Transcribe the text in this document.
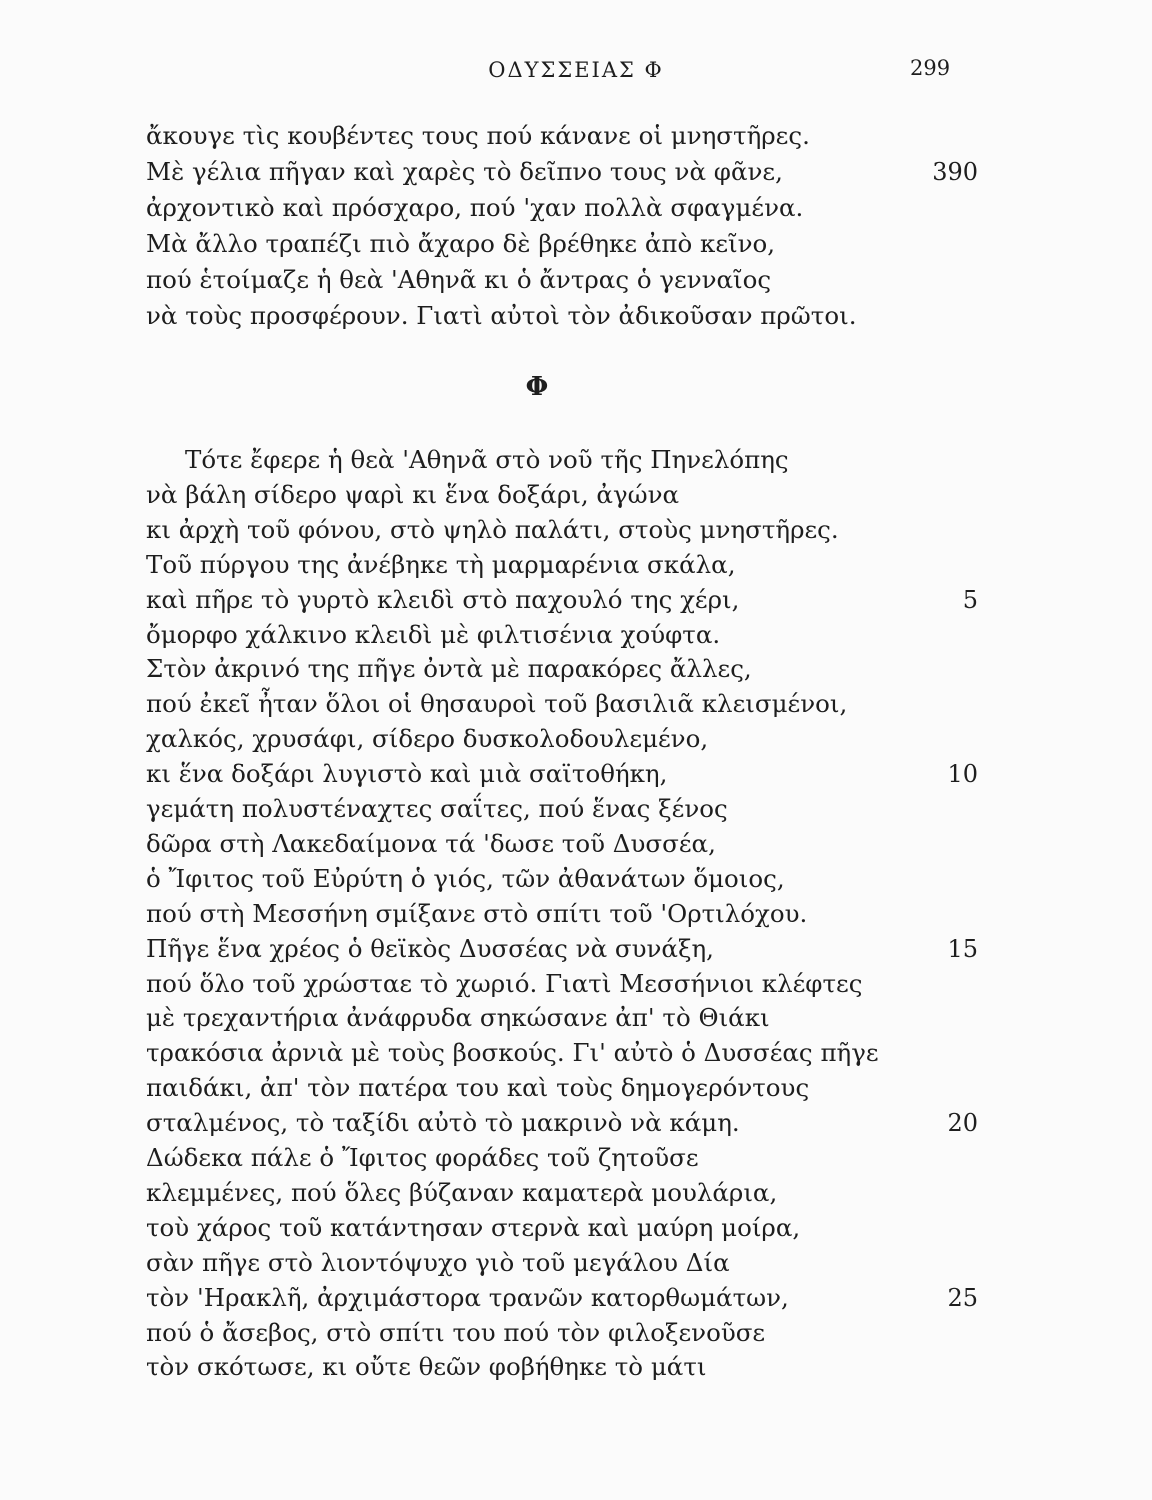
ΟΔΥΣΣΕΙΑΣ Φ	299
ἄκουγε τὶς κουβέντες τους πού κάνανε οἱ μνηστῆρες.
Μὲ γέλια πῆγαν καὶ χαρὲς τὸ δεῖπνο τους νὰ φᾶνε,
ἀρχοντικὸ καὶ πρόσχαρο, πού 'χαν πολλὰ σφαγμένα.
Μὰ ἄλλο τραπέζι πιὸ ἄχαρο δὲ βρέθηκε ἀπὸ κεῖνο,
πού ἑτοίμαζε ἡ θεὰ 'Αθηνᾶ κι ὁ ἄντρας ὁ γενναῖος
νὰ τοὺς προσφέρουν. Γιατὶ αὐτοὶ τὸν ἀδικοῦσαν πρῶτοι.
390
Φ
Τότε ἔφερε ἡ θεὰ 'Αθηνᾶ στὸ νοῦ τῆς Πηνελόπης
νὰ βάλη σίδερο ψαρὶ κι ἕνα δοξάρι, ἀγώνα
κι ἀρχὴ τοῦ φόνου, στὸ ψηλὸ παλάτι, στοὺς μνηστῆρες.
Τοῦ πύργου της ἀνέβηκε τὴ μαρμαρένια σκάλα,
καὶ πῆρε τὸ γυρτὸ κλειδὶ στὸ παχουλό της χέρι,
ὄμορφο χάλκινο κλειδὶ μὲ φιλτισένια χούφτα.
Στὸν ἀκρινό της πῆγε ὀντὰ μὲ παρακόρες ἄλλες,
πού ἐκεῖ ἦταν ὅλοι οἱ θησαυροὶ τοῦ βασιλιᾶ κλεισμένοι,
χαλκός, χρυσάφι, σίδερο δυσκολοδουλεμένο,
κι ἕνα δοξάρι λυγιστὸ καὶ μιὰ σαϊτοθήκη,
γεμάτη πολυστέναχτες σαΐτες, πού ἕνας ξένος
δῶρα στὴ Λακεδαίμονα τά 'δωσε τοῦ Δυσσέα,
ὁ Ἴφιτος τοῦ Εὐρύτη ὁ γιός, τῶν ἀθανάτων ὅμοιος,
πού στὴ Μεσσήνη σμίξανε στὸ σπίτι τοῦ 'Ορτιλόχου.
Πῆγε ἕνα χρέος ὁ θεϊκὸς Δυσσέας νὰ συνάξη,
πού ὅλο τοῦ χρώσταε τὸ χωριό. Γιατὶ Μεσσήνιοι κλέφτες
μὲ τρεχαντήρια ἀνάφρυδα σηκώσανε ἀπ' τὸ Θιάκι
τρακόσια ἀρνιὰ μὲ τοὺς βοσκούς. Γι' αὐτὸ ὁ Δυσσέας πῆγε
παιδάκι, ἀπ' τὸν πατέρα του καὶ τοὺς δημογερόντους
σταλμένος, τὸ ταξίδι αὐτὸ τὸ μακρινὸ νὰ κάμη.
Δώδεκα πάλε ὁ Ἴφιτος φοράδες τοῦ ζητοῦσε
κλεμμένες, πού ὅλες βύζαναν καματερὰ μουλάρια,
τοὺ χάρος τοῦ κατάντησαν στερνὰ καὶ μαύρη μοίρα,
σὰν πῆγε στὸ λιοντόψυχο γιὸ τοῦ μεγάλου Δία
τὸν 'Ηρακλῆ, ἀρχιμάστορα τρανῶν κατορθωμάτων,
πού ὁ ἄσεβος, στὸ σπίτι του πού τὸν φιλοξενοῦσε
τὸν σκότωσε, κι οὔτε θεῶν φοβήθηκε τὸ μάτι
5
10
15
20
25
